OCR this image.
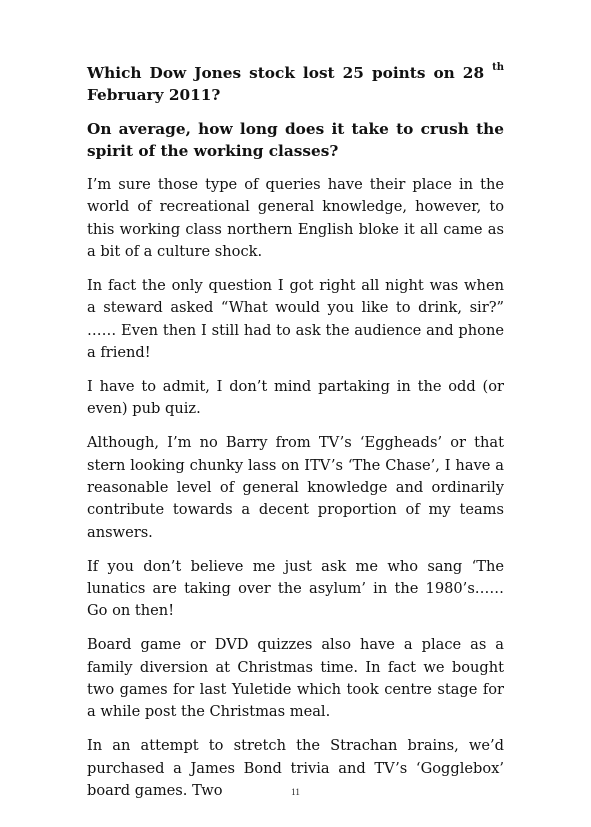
Which Dow Jones stock lost 25 points on 28 $^{th}$ February 2011?

On average, how long does it take to crush the spirit of the working classes?

I’m sure those type of queries have their place in the world of recreational general knowledge, however, to this working class northern English bloke it all came as a bit of a culture shock.

In fact the only question I got right all night was when a steward asked “What would you like to drink, sir?” …… Even then I still had to ask the audience and phone a friend!

I have to admit, I don’t mind partaking in the odd (or even) pub quiz.

Although, I’m no Barry from TV’s ‘Eggheads’ or that stern looking chunky lass on ITV’s ‘The Chase’, I have a reasonable level of general knowledge and ordinarily contribute towards a decent proportion of my teams answers.

If you don’t believe me just ask me who sang ‘The lunatics are taking over the asylum’ in the 1980’s…… Go on then!

Board game or DVD quizzes also have a place as a family diversion at Christmas time. In fact we bought two games for last Yuletide which took centre stage for a while post the Christmas meal.

In an attempt to stretch the Strachan brains, we’d purchased a James Bond trivia and TV’s ‘Gogglebox’ board games. Two	11
